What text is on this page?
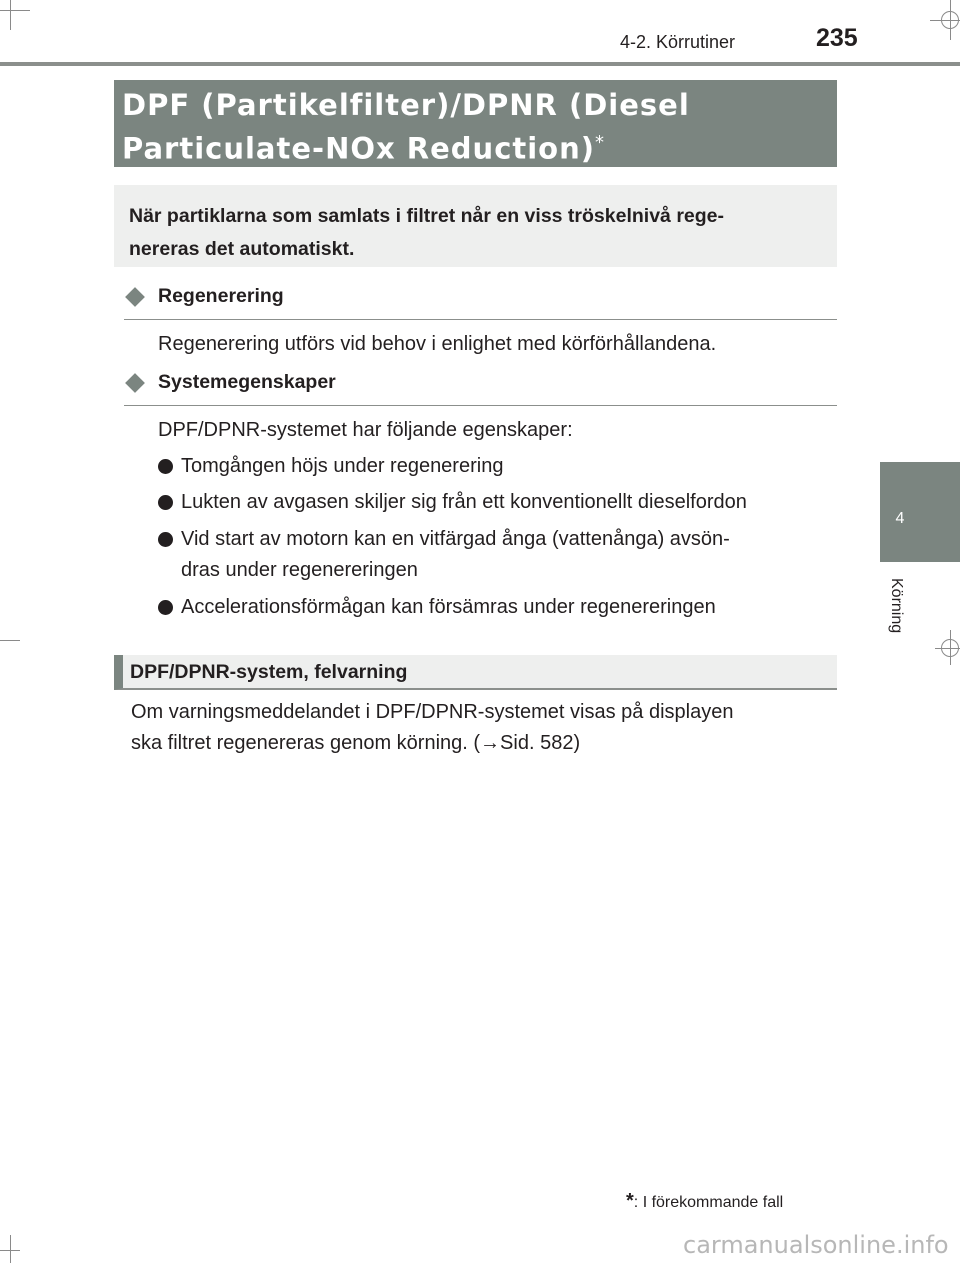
4-2. Körrutiner	235
4
Körning
DPF (Partikelfilter)/DPNR (Diesel
Particulate-NOx Reduction)*
När partiklarna som samlats i filtret når en viss tröskelnivå rege-
nereras det automatiskt.
Regenerering
Regenerering utförs vid behov i enlighet med körförhållandena.
Systemegenskaper
DPF/DPNR-systemet har följande egenskaper:
Tomgången höjs under regenerering
Lukten av avgasen skiljer sig från ett konventionellt dieselfordon
Vid start av motorn kan en vitfärgad ånga (vattenånga) avsön-
dras under regenereringen
Accelerationsförmågan kan försämras under regenereringen
DPF/DPNR-system, felvarning
Om varningsmeddelandet i DPF/DPNR-systemet visas på displayen
ska filtret regenereras genom körning. (→Sid. 582)
*: I förekommande fall
carmanualsonline.info
